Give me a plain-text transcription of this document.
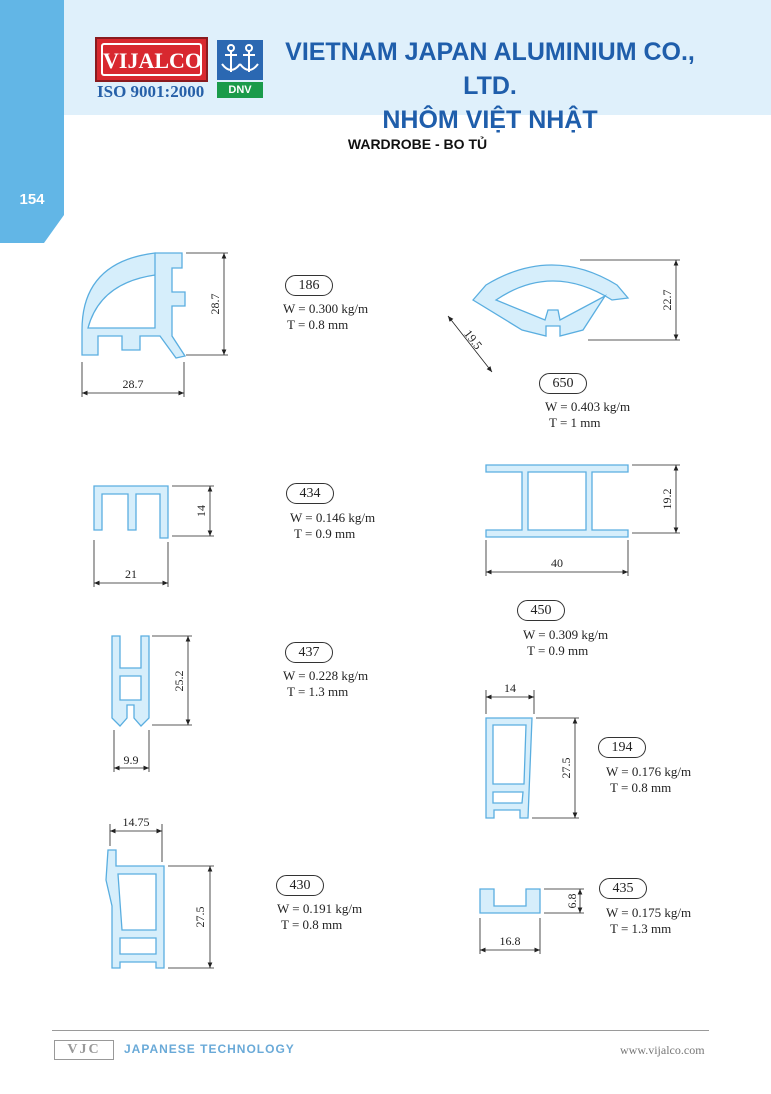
VIJALCO
ISO 9001:2000	DNV
VIETNAM JAPAN ALUMINIUM CO., LTD.
NHÔM VIỆT NHẬT
WARDROBE - BO TỦ
154
28.7
28.7
22.7
19.5
14
21
19.2
40
25.2
9.9
14
27.5
14.75
27.5
6.8
16.8
186
W = 0.300 kg/m
T = 0.8 mm
650
W = 0.403 kg/m
T = 1 mm
434
W = 0.146 kg/m
T = 0.9 mm
450
W = 0.309 kg/m
T = 0.9 mm
437
W = 0.228 kg/m
T = 1.3 mm
194
W = 0.176 kg/m
T = 0.8 mm
430
W = 0.191 kg/m
T = 0.8 mm
435
W = 0.175 kg/m
T = 1.3 mm
VJC	JAPANESE TECHNOLOGY	www.vijalco.com
